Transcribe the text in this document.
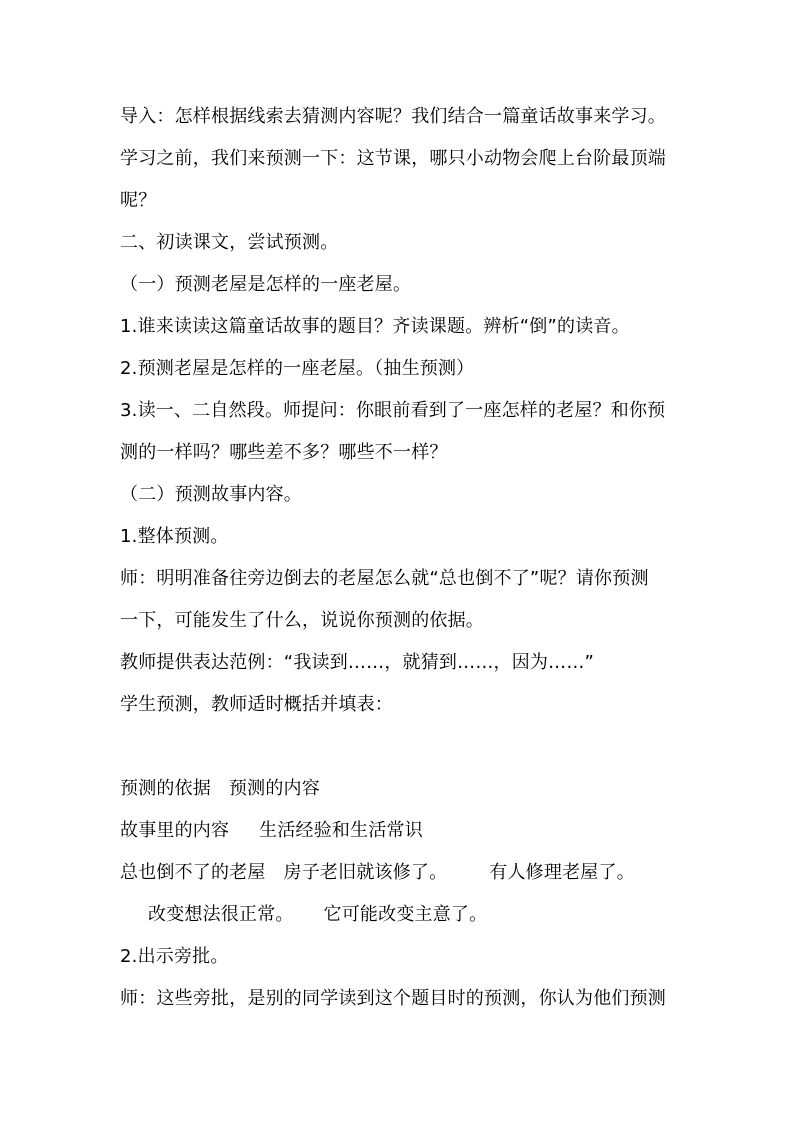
导入：怎样根据线索去猜测内容呢？我们结合一篇童话故事来学习。
学习之前，我们来预测一下：这节课，哪只小动物会爬上台阶最顶端
呢？
二、初读课文，尝试预测。
（一）预测老屋是怎样的一座老屋。
1.谁来读读这篇童话故事的题目？齐读课题。辨析“倒”的读音。
2.预测老屋是怎样的一座老屋。（抽生预测）
3.读一、二自然段。师提问：你眼前看到了一座怎样的老屋？和你预
测的一样吗？哪些差不多？哪些不一样？
（二）预测故事内容。
1.整体预测。
师：明明准备往旁边倒去的老屋怎么就“总也倒不了”呢？请你预测
一下，可能发生了什么，说说你预测的依据。
教师提供表达范例：“我读到……，就猜到……，因为……”
学生预测，教师适时概括并填表：
预测的依据 预测的内容
故事里的内容 生活经验和生活常识
总也倒不了的老屋 房子老旧就该修了。 有人修理老屋了。
改变想法很正常。 它可能改变主意了。
2.出示旁批。
师：这些旁批，是别的同学读到这个题目时的预测，你认为他们预测
